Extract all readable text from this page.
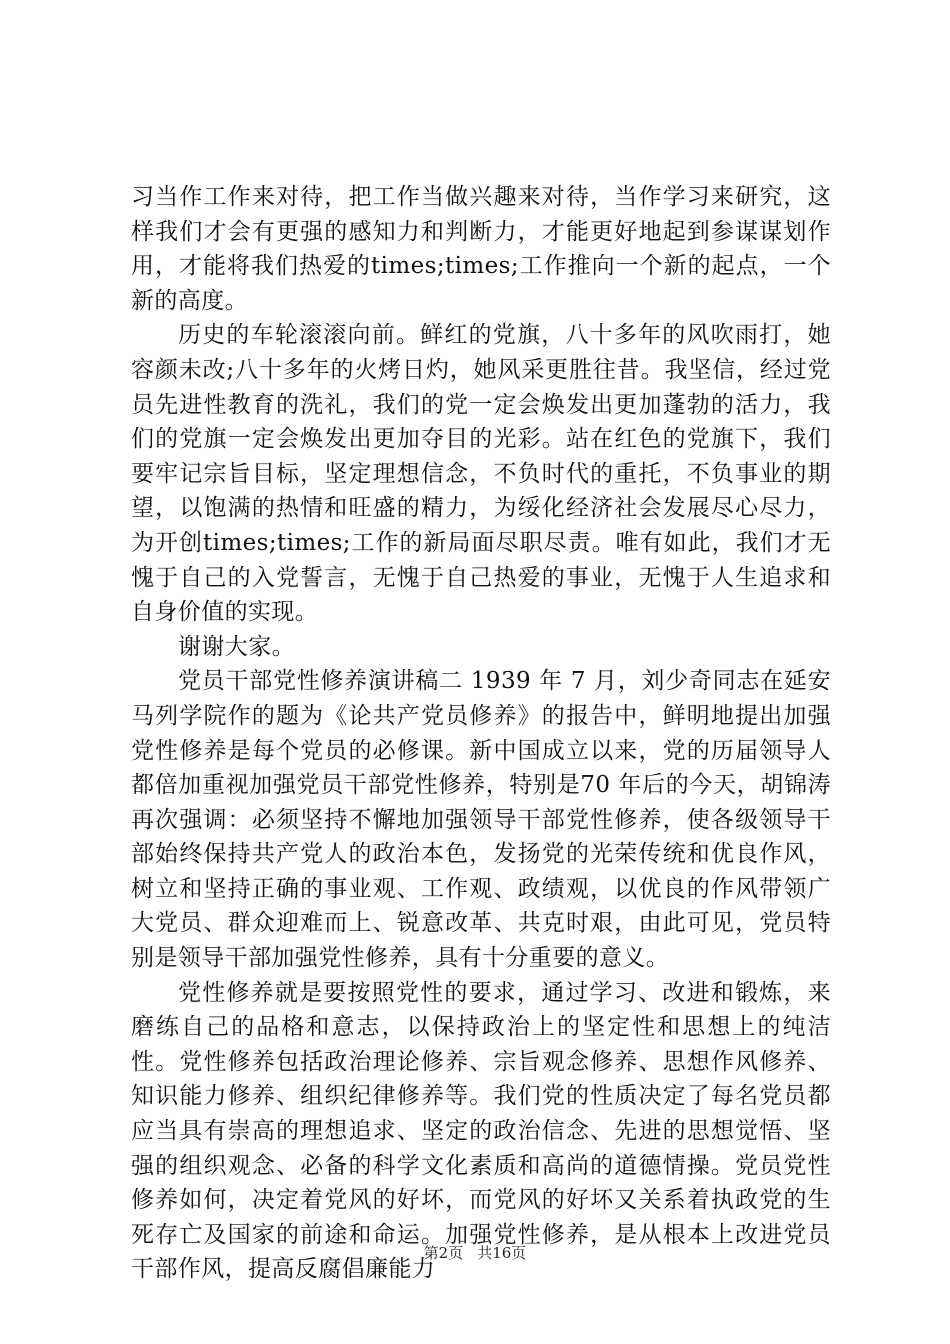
习当作工作来对待，把工作当做兴趣来对待，当作学习来研究，这样我们才会有更强的感知力和判断力，才能更好地起到参谋谋划作用，才能将我们热爱的times;times;工作推向一个新的起点，一个新的高度。

历史的车轮滚滚向前。鲜红的党旗，八十多年的风吹雨打，她容颜未改;八十多年的火烤日灼，她风采更胜往昔。我坚信，经过党员先进性教育的洗礼，我们的党一定会焕发出更加蓬勃的活力，我们的党旗一定会焕发出更加夺目的光彩。站在红色的党旗下，我们要牢记宗旨目标，坚定理想信念，不负时代的重托，不负事业的期望，以饱满的热情和旺盛的精力，为绥化经济社会发展尽心尽力，为开创times;times;工作的新局面尽职尽责。唯有如此，我们才无愧于自己的入党誓言，无愧于自己热爱的事业，无愧于人生追求和自身价值的实现。

谢谢大家。

党员干部党性修养演讲稿二 1939 年 7 月，刘少奇同志在延安马列学院作的题为《论共产党员修养》的报告中，鲜明地提出加强党性修养是每个党员的必修课。新中国成立以来，党的历届领导人都倍加重视加强党员干部党性修养，特别是70 年后的今天，胡锦涛再次强调：必须坚持不懈地加强领导干部党性修养，使各级领导干部始终保持共产党人的政治本色，发扬党的光荣传统和优良作风，树立和坚持正确的事业观、工作观、政绩观，以优良的作风带领广大党员、群众迎难而上、锐意改革、共克时艰，由此可见，党员特别是领导干部加强党性修养，具有十分重要的意义。

党性修养就是要按照党性的要求，通过学习、改进和锻炼，来磨练自己的品格和意志，以保持政治上的坚定性和思想上的纯洁性。党性修养包括政治理论修养、宗旨观念修养、思想作风修养、知识能力修养、组织纪律修养等。我们党的性质决定了每名党员都应当具有崇高的理想追求、坚定的政治信念、先进的思想觉悟、坚强的组织观念、必备的科学文化素质和高尚的道德情操。党员党性修养如何，决定着党风的好坏，而党风的好坏又关系着执政党的生死存亡及国家的前途和命运。加强党性修养，是从根本上改进党员干部作风，提高反腐倡廉能力

第2页 共16页
